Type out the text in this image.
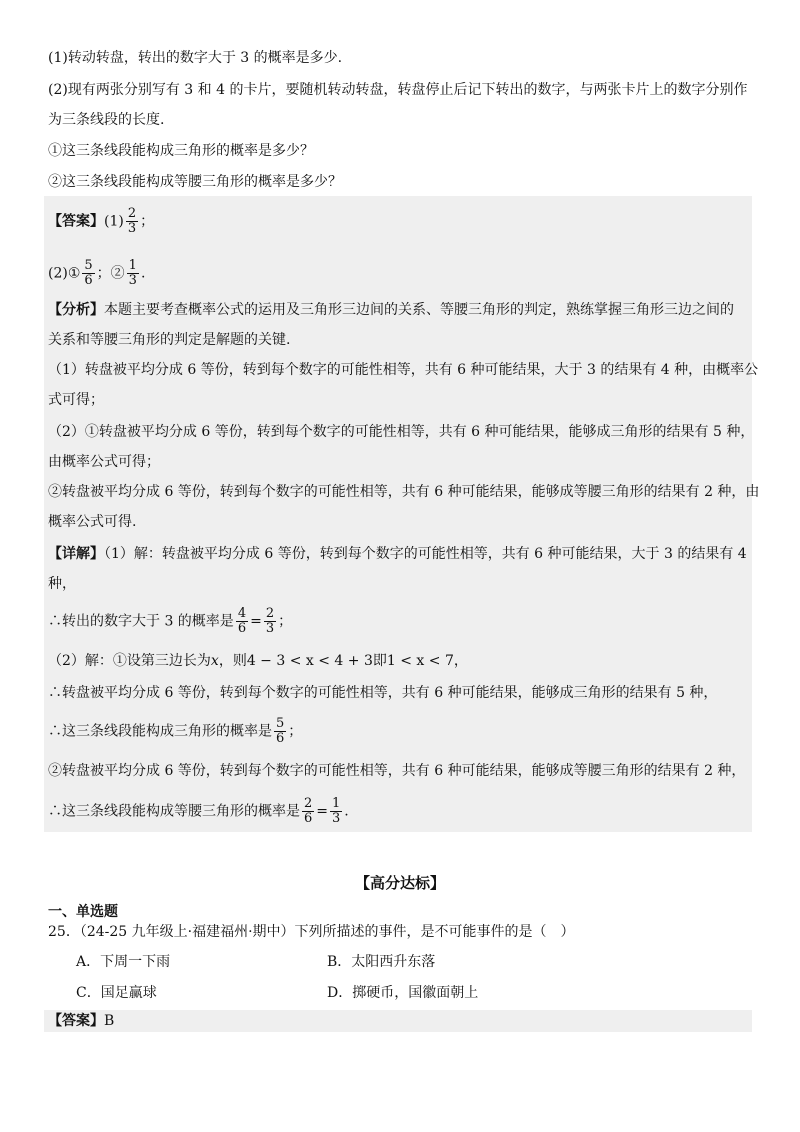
(1)转动转盘，转出的数字大于 3 的概率是多少.
(2)现有两张分别写有 3 和 4 的卡片，要随机转动转盘，转盘停止后记下转出的数字，与两张卡片上的数字分别作
为三条线段的长度.
①这三条线段能构成三角形的概率是多少？
②这三条线段能构成等腰三角形的概率是多少？
【答案】$(1) \frac{2}{3}$ ；
(2)① $\frac{5}{6}$ ；② $\frac{1}{3}$ .
【分析】本题主要考查概率公式的运用及三角形三边间的关系、等腰三角形的判定，熟练掌握三角形三边之间的
关系和等腰三角形的判定是解题的关键.
（1）转盘被平均分成 6 等份，转到每个数字的可能性相等，共有 6 种可能结果，大于 3 的结果有 4 种，由概率公
式可得；
（2）①转盘被平均分成 6 等份，转到每个数字的可能性相等，共有 6 种可能结果，能够成三角形的结果有 5 种，
由概率公式可得；
②转盘被平均分成 6 等份，转到每个数字的可能性相等，共有 6 种可能结果，能够成等腰三角形的结果有 2 种，由
概率公式可得.
【详解】（1）解：转盘被平均分成 6 等份，转到每个数字的可能性相等，共有 6 种可能结果，大于 3 的结果有 4
种，
∴转出的数字大于 3 的概率是 $\frac{4}{6} = \frac{2}{3}$ ；
（2）解：①设第三边长为x，则4 − 3 < x < 4 + 3即1 < x < 7，
∴转盘被平均分成 6 等份，转到每个数字的可能性相等，共有 6 种可能结果，能够成三角形的结果有 5 种，
∴这三条线段能构成三角形的概率是 $\frac{5}{6}$ ；
②转盘被平均分成 6 等份，转到每个数字的可能性相等，共有 6 种可能结果，能够成等腰三角形的结果有 2 种，
∴这三条线段能构成等腰三角形的概率是 $\frac{2}{6} = \frac{1}{3}$ .
【高分达标】
一、单选题
25．（24-25 九年级上·福建福州·期中）下列所描述的事件，是不可能事件的是（　）
A．下周一下雨	B．太阳西升东落
C．国足赢球	D．掷硬币，国徽面朝上
【答案】B
